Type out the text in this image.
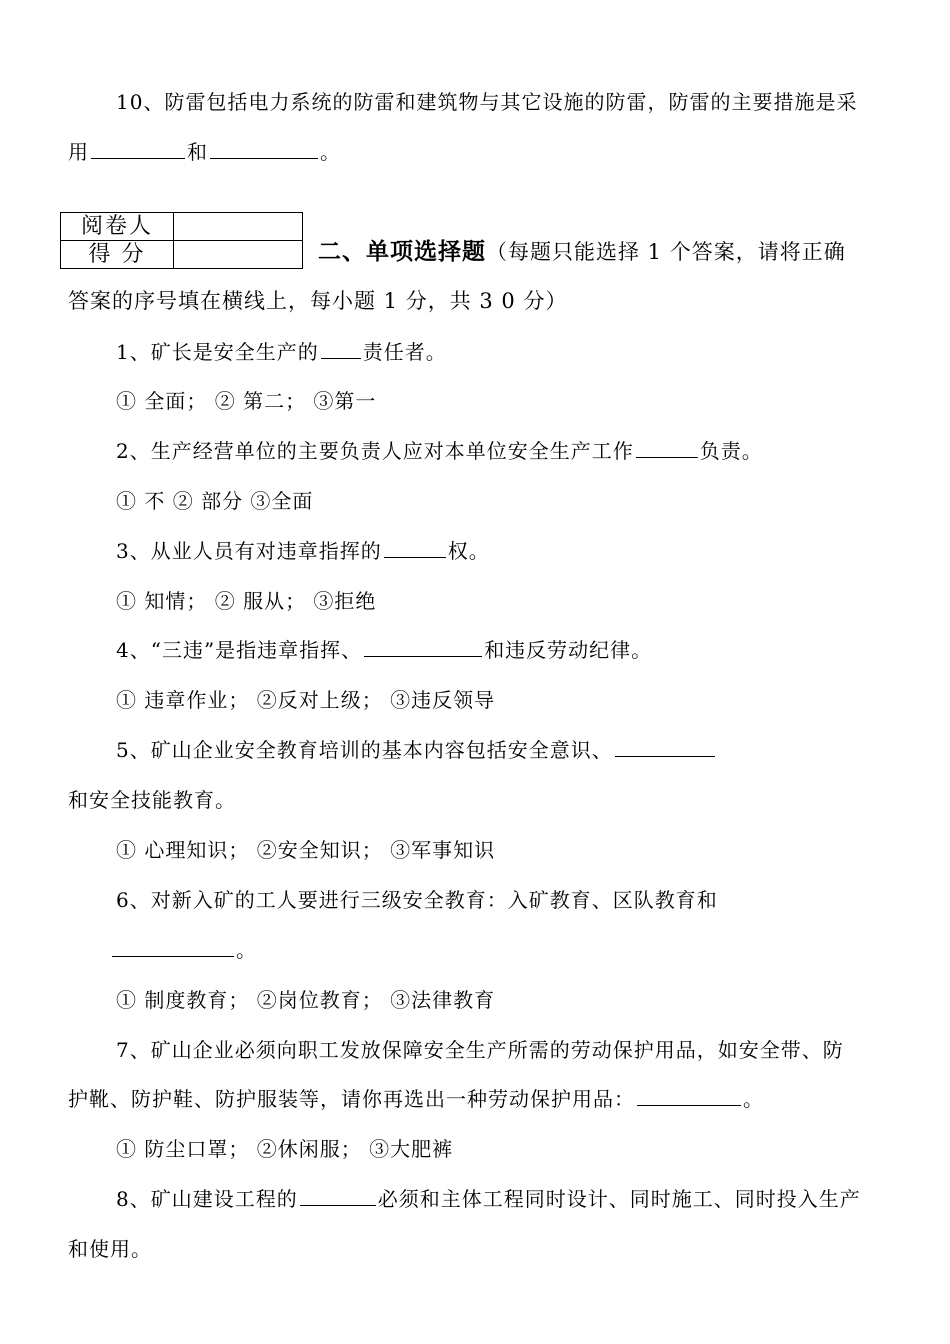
10、防雷包括电力系统的防雷和建筑物与其它设施的防雷，防雷的主要措施是采
用	和	。
阅卷人	
得 分		二、单项选择题（每题只能选择 1 个答案，请将正确
答案的序号填在横线上，每小题 1 分，共 3 0 分）
1、矿长是安全生产的 责任者。
① 全面； ② 第二； ③第一
2、生产经营单位的主要负责人应对本单位安全生产工作	负责。
① 不 ② 部分 ③全面
3、从业人员有对违章指挥的	权。
① 知情； ② 服从； ③拒绝
4、“三违”是指违章指挥、	和违反劳动纪律。
① 违章作业； ②反对上级； ③违反领导
5、矿山企业安全教育培训的基本内容包括安全意识、
和安全技能教育。
① 心理知识； ②安全知识； ③军事知识
6、对新入矿的工人要进行三级安全教育：入矿教育、区队教育和
。
① 制度教育； ②岗位教育； ③法律教育
7、矿山企业必须向职工发放保障安全生产所需的劳动保护用品，如安全带、防
护靴、防护鞋、防护服装等，请你再选出一种劳动保护用品：	。
① 防尘口罩； ②休闲服； ③大肥裤
8、矿山建设工程的	必须和主体工程同时设计、同时施工、同时投入生产
和使用。
